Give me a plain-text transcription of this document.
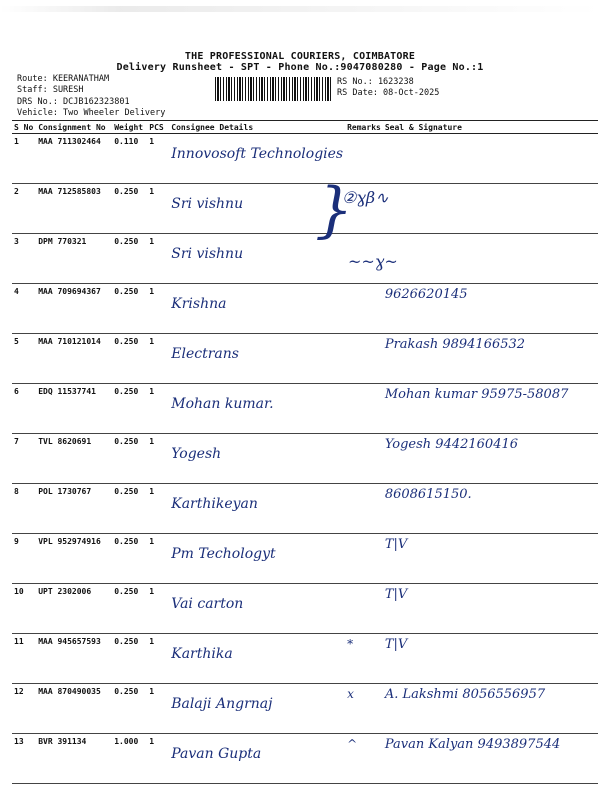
THE PROFESSIONAL COURIERS, COIMBATORE
Delivery Runsheet - SPT - Phone No.:9047080280 - Page No.:1
Route: KEERANATHAM
Staff: SURESH
DRS No.: DCJB162323801
Vehicle: Two Wheeler Delivery
RS No.: 1623238
RS Date: 08-Oct-2025
S No	Consignment No	Weight	PCS	Consignee Details	Remarks	Seal & Signature
1	MAA 711302464	0.110	1	Innovosoft Technologies		
2	MAA 712585803	0.250	1	Sri vishnu		
3	DPM 770321	0.250	1	Sri vishnu		
4	MAA 709694367	0.250	1	Krishna		9626620145
5	MAA 710121014	0.250	1	Electrans		Prakash 9894166532
6	EDQ 11537741	0.250	1	Mohan kumar.		Mohan kumar 95975-58087
7	TVL 8620691	0.250	1	Yogesh		Yogesh 9442160416
8	POL 1730767	0.250	1	Karthikeyan		8608615150.
9	VPL 952974916	0.250	1	Pm Techologyt		T|V
10	UPT 2302006	0.250	1	Vai carton		T|V
11	MAA 945657593	0.250	1	Karthika	*	T|V
12	MAA 870490035	0.250	1	Balaji Angrnaj	x	A. Lakshmi 8056556957
13	BVR 391134	1.000	1	Pavan Gupta	^	Pavan Kalyan 9493897544
}
②ɣβ∿
~~ɣ~
